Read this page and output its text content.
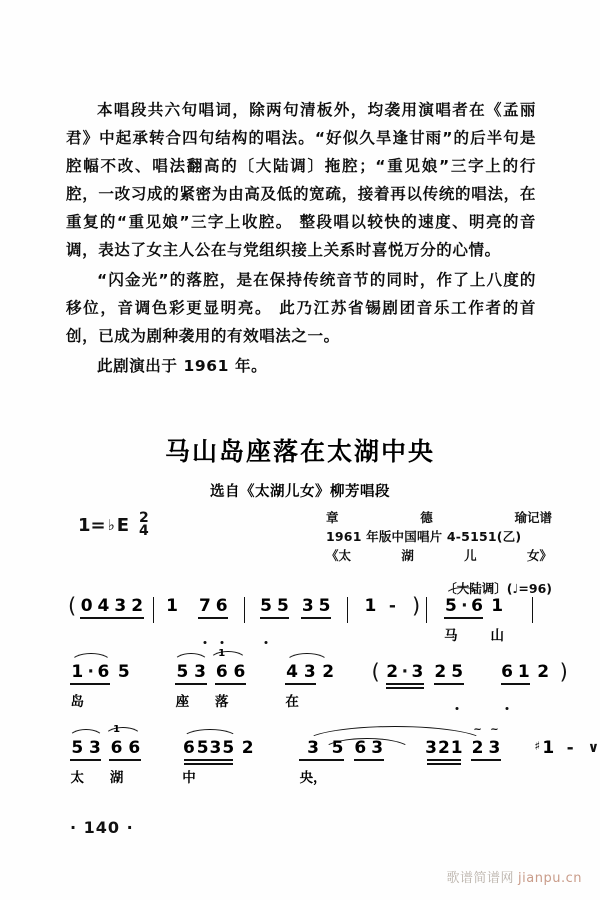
本唱段共六句唱词，除两句清板外，均袭用演唱者在《孟丽君》中起承转合四句结构的唱法。“好似久旱逢甘雨”的后半句是腔幅不改、唱法翻高的〔大陆调〕拖腔；“重见娘”三字上的行腔，一改习成的紧密为由高及低的宽疏，接着再以传统的唱法，在重复的“重见娘”三字上收腔。 整段唱以较快的速度、明亮的音调，表达了女主人公在与党组织接上关系时喜悦万分的心情。

“闪金光”的落腔，是在保持传统音节的同时，作了上八度的移位，音调色彩更显明亮。 此乃江苏省锡剧团音乐工作者的首创，已成为剧种袭用的有效唱法之一。

此剧演出于 1961 年。

马山岛座落在太湖中央
选自《太湖儿女》柳芳唱段
1= ♭ E 2
4
章	德	瑜记谱
1961 年版中国唱片 4-5151(乙)
《太	湖	儿	女》
〔大陆调〕(♩=96)
( 0 4 3 2 1 7 6 5 5 3 5 1 - ) 5
马
· 6 1
山
1
岛
· 6 5	5
座
3
1
6
落
6 4
在
3 2 ( 2 · 3 2 5 6 1 2 )
5
太
3
1
6
湖
6	6
中
5 3 5 2	3
央，
5 6 3 3 2 1
~
2
~
3	♯ 1 - ∨
· 140 ·
歌谱简谱网 jianpu.cn
